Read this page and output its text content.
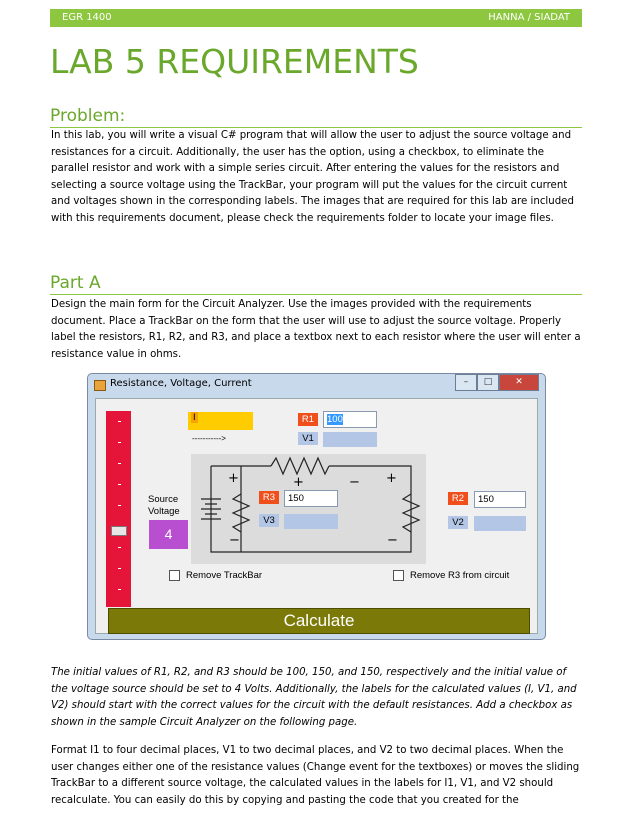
EGR 1400	HANNA / SIADAT
LAB 5 REQUIREMENTS
Problem:

In this lab, you will write a visual C# program that will allow the user to adjust the source voltage and resistances for a circuit. Additionally, the user has the option, using a checkbox, to eliminate the parallel resistor and work with a simple series circuit. After entering the values for the resistors and selecting a source voltage using the TrackBar, your program will put the values for the circuit current and voltages shown in the corresponding labels. The images that are required for this lab are included with this requirements document, please check the requirements folder to locate your image files.

Part A

Design the main form for the Circuit Analyzer. Use the images provided with the requirements document. Place a TrackBar on the form that the user will use to adjust the source voltage. Properly label the resistors, R1, R2, and R3, and place a textbox next to each resistor where the user will enter a resistance value in ohms.

Resistance, Voltage, Current	–	□	✕
Source
Voltage
4
I
----------->
R1	100
V1
+	+	− +
−	−
R3	150
V3
R2	150
V2
Remove TrackBar	Remove R3 from circuit
Calculate

The initial values of R1, R2, and R3 should be 100, 150, and 150, respectively and the initial value of the voltage source should be set to 4 Volts. Additionally, the labels for the calculated values (I, V1, and V2) should start with the correct values for the circuit with the default resistances. Add a checkbox as shown in the sample Circuit Analyzer on the following page.

Format I1 to four decimal places, V1 to two decimal places, and V2 to two decimal places. When the user changes either one of the resistance values (Change event for the textboxes) or moves the sliding TrackBar to a different source voltage, the calculated values in the labels for I1, V1, and V2 should recalculate. You can easily do this by copying and pasting the code that you created for the
